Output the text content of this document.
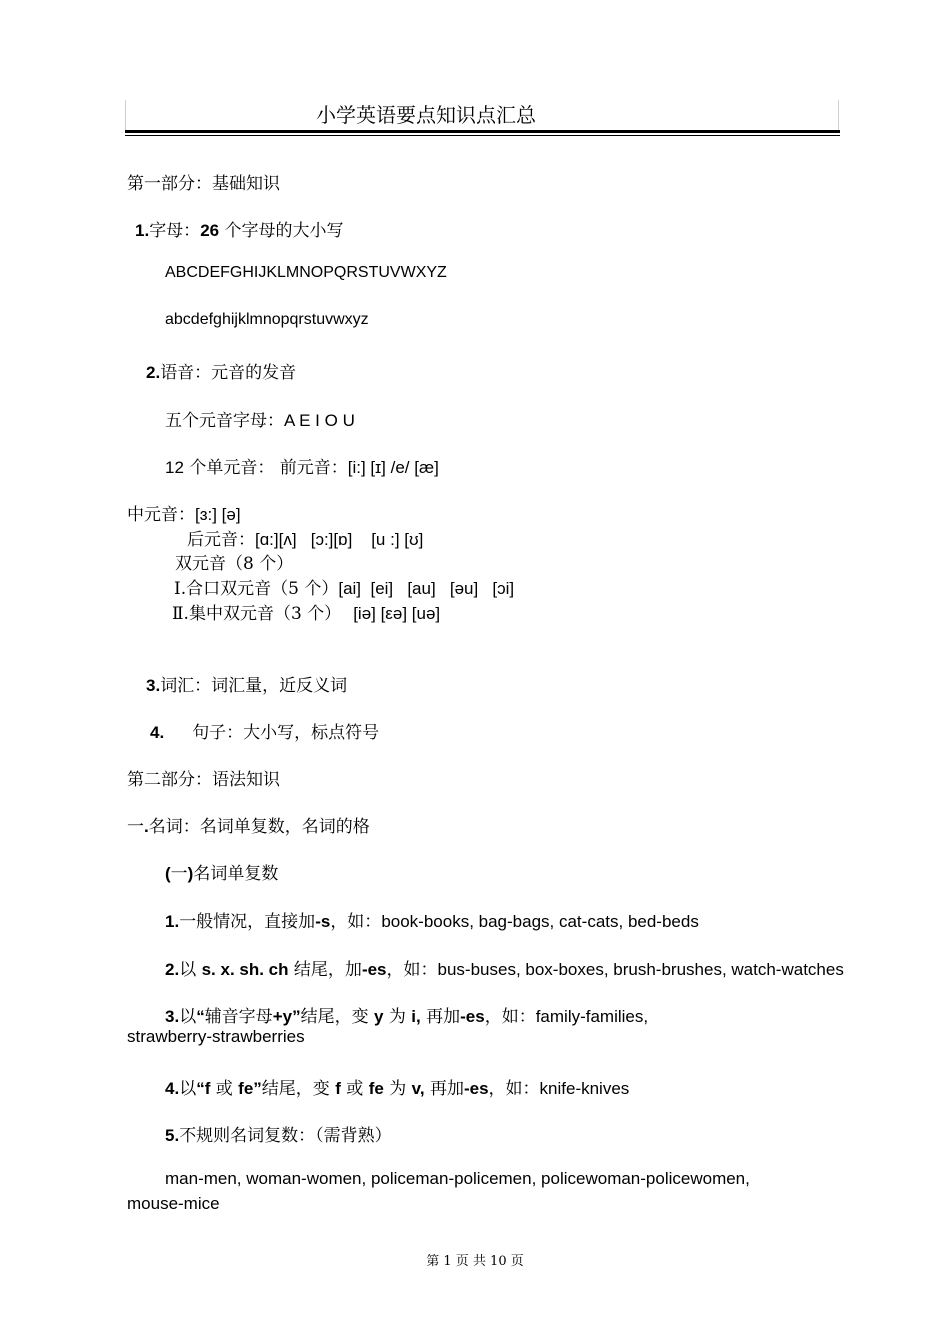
小学英语要点知识点汇总
第一部分：基础知识
1.字母：26 个字母的大小写
ABCDEFGHIJKLMNOPQRSTUVWXYZ
abcdefghijklmnopqrstuvwxyz
2.语音：元音的发音
五个元音字母：A E I O U
12 个单元音： 前元音：[i:] [ɪ] /e/ [æ]
中元音：[ɜ:] [ə]
后元音：[ɑ:][ʌ]   [ɔ:][ɒ]    [u :] [ʊ]
双元音（8 个）
Ⅰ.合口双元音（5 个）[ai]  [ei]   [au]   [əu]   [ɔi]
Ⅱ.集中双元音（3 个） [iə] [εə] [uə]
3.词汇：词汇量，近反义词
4. 句子：大小写，标点符号
第二部分：语法知识
一.名词：名词单复数，名词的格
(一)名词单复数
1.一般情况，直接加-s，如：book-books, bag-bags, cat-cats, bed-beds
2.以 s. x. sh. ch 结尾，加-es，如：bus-buses, box-boxes, brush-brushes, watch-watches
3.以“辅音字母+y”结尾，变 y 为 i, 再加-es，如：family-families,
strawberry-strawberries
4.以“f 或 fe”结尾，变 f 或 fe 为 v, 再加-es，如：knife-knives
5.不规则名词复数：（需背熟）
man-men, woman-women, policeman-policemen, policewoman-policewomen,
mouse-mice
第 1 页 共 10 页
